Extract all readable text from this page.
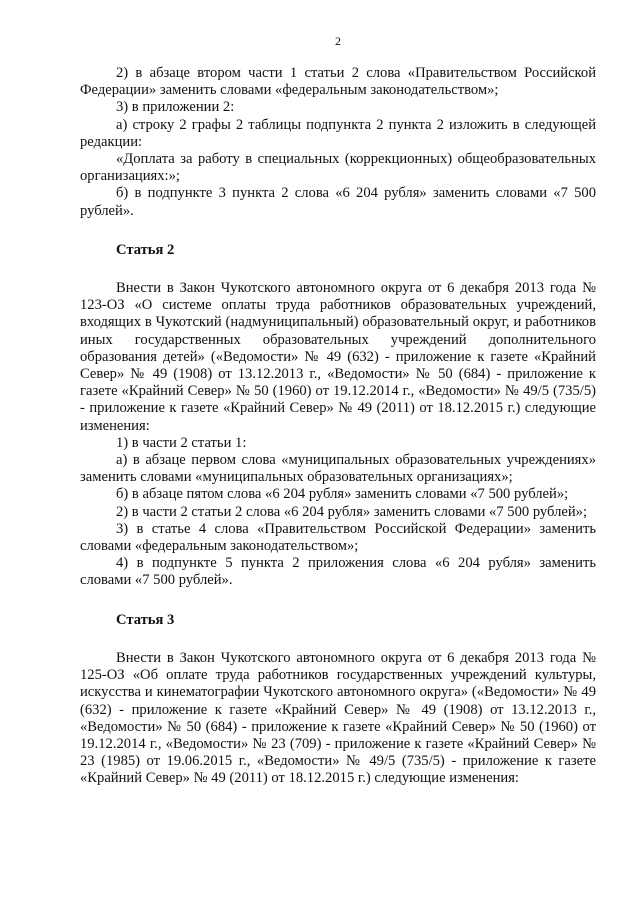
2

2) в абзаце втором части 1 статьи 2 слова «Правительством Российской Федерации» заменить словами «федеральным законодательством»;

3) в приложении 2:

а) строку 2 графы 2 таблицы подпункта 2 пункта 2 изложить в следующей редакции:

«Доплата за работу в специальных (коррекционных) общеобразовательных организациях:»;

б) в подпункте 3 пункта 2 слова «6 204 рубля» заменить словами «7 500 рублей».

Статья 2

Внести в Закон Чукотского автономного округа от 6 декабря 2013 года № 123-ОЗ «О системе оплаты труда работников образовательных учреждений, входящих в Чукотский (надмуниципальный) образовательный округ, и работников иных государственных образовательных учреждений дополнительного образования детей» («Ведомости» № 49 (632) - приложение к газете «Крайний Север» № 49 (1908) от 13.12.2013 г., «Ведомости» № 50 (684) - приложение к газете «Крайний Север» № 50 (1960) от 19.12.2014 г., «Ведомости» № 49/5 (735/5) - приложение к газете «Крайний Север» № 49 (2011) от 18.12.2015 г.) следующие изменения:

1) в части 2 статьи 1:

а) в абзаце первом слова «муниципальных образовательных учреждениях» заменить словами «муниципальных образовательных организациях»;

б) в абзаце пятом слова «6 204 рубля» заменить словами «7 500 рублей»;

2) в части 2 статьи 2 слова «6 204 рубля» заменить словами «7 500 рублей»;

3) в статье 4 слова «Правительством Российской Федерации» заменить словами «федеральным законодательством»;

4) в подпункте 5 пункта 2 приложения слова «6 204 рубля» заменить словами «7 500 рублей».

Статья 3

Внести в Закон Чукотского автономного округа от 6 декабря 2013 года № 125-ОЗ «Об оплате труда работников государственных учреждений культуры, искусства и кинематографии Чукотского автономного округа» («Ведомости» № 49 (632) - приложение к газете «Крайний Север» № 49 (1908) от 13.12.2013 г., «Ведомости» № 50 (684) - приложение к газете «Крайний Север» № 50 (1960) от 19.12.2014 г., «Ведомости» № 23 (709) - приложение к газете «Крайний Север» № 23 (1985) от 19.06.2015 г., «Ведомости» № 49/5 (735/5) - приложение к газете «Крайний Север» № 49 (2011) от 18.12.2015 г.) следующие изменения:
